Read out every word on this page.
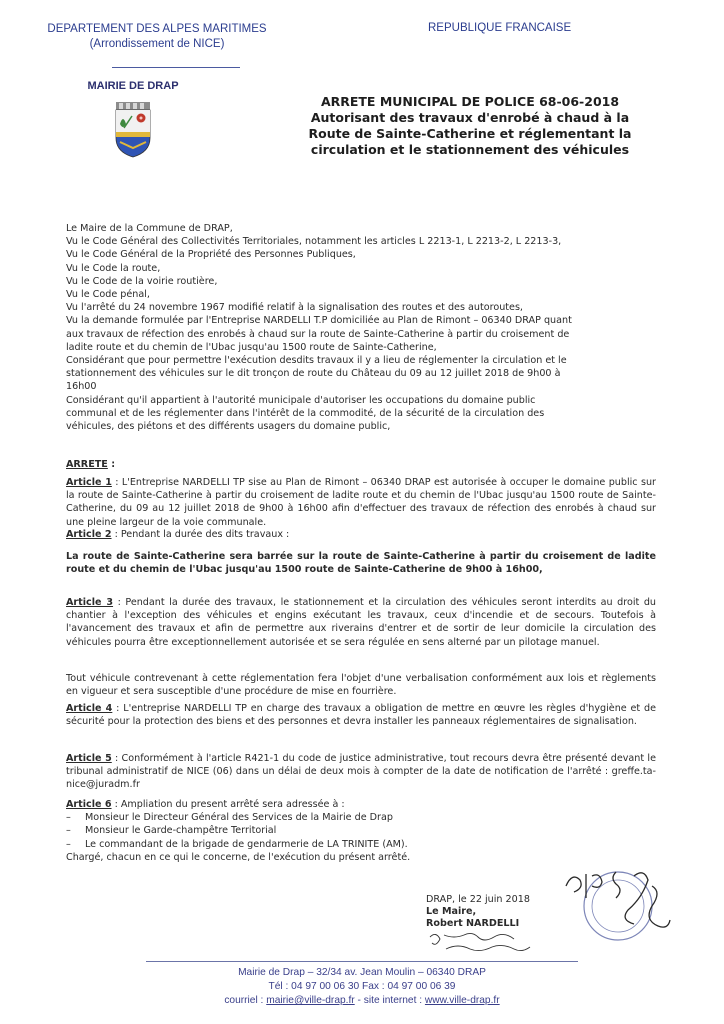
DEPARTEMENT DES ALPES MARITIMES
(Arrondissement de NICE)
REPUBLIQUE FRANCAISE
MAIRIE DE DRAP
ARRETE MUNICIPAL DE POLICE 68-06-2018
Autorisant des travaux d'enrobé à chaud à la
Route de Sainte-Catherine et réglementant la
circulation et le stationnement des véhicules

Le Maire de la Commune de DRAP,

Vu le Code Général des Collectivités Territoriales, notamment les articles L 2213-1, L 2213-2, L 2213-3,

Vu le Code Général de la Propriété des Personnes Publiques,

Vu le Code la route,

Vu le Code de la voirie routière,

Vu le Code pénal,

Vu l'arrêté du 24 novembre 1967 modifié relatif à la signalisation des routes et des autoroutes,

Vu la demande formulée par l'Entreprise NARDELLI T.P domiciliée au Plan de Rimont – 06340 DRAP quant

aux travaux de réfection des enrobés à chaud sur la route de Sainte-Catherine à partir du croisement de

ladite route et du chemin de l'Ubac jusqu'au 1500 route de Sainte-Catherine,

Considérant que pour permettre l'exécution desdits travaux il y a lieu de réglementer la circulation et le

stationnement des véhicules sur le dit tronçon de route du Château du 09 au 12 juillet 2018 de 9h00 à

16h00

Considérant qu'il appartient à l'autorité municipale d'autoriser les occupations du domaine public

communal et de les réglementer dans l'intérêt de la commodité, de la sécurité de la circulation des

véhicules, des piétons et des différents usagers du domaine public,

ARRETE :

Article 1 : L'Entreprise NARDELLI TP sise au Plan de Rimont – 06340 DRAP est autorisée à occuper le domaine public sur la route de Sainte-Catherine à partir du croisement de ladite route et du chemin de l'Ubac jusqu'au 1500 route de Sainte-Catherine, du 09 au 12 juillet 2018 de 9h00 à 16h00 afin d'effectuer des travaux de réfection des enrobés à chaud sur une pleine largeur de la voie communale.

Article 2 : Pendant la durée des dits travaux :

La route de Sainte-Catherine sera barrée sur la route de Sainte-Catherine à partir du croisement de ladite route et du chemin de l'Ubac jusqu'au 1500 route de Sainte-Catherine de 9h00 à 16h00,

Article 3 : Pendant la durée des travaux, le stationnement et la circulation des véhicules seront interdits au droit du chantier à l'exception des véhicules et engins exécutant les travaux, ceux d'incendie et de secours. Toutefois à l'avancement des travaux et afin de permettre aux riverains d'entrer et de sortir de leur domicile la circulation des véhicules pourra être exceptionnellement autorisée et se sera régulée en sens alterné par un pilotage manuel.

Tout véhicule contrevenant à cette réglementation fera l'objet d'une verbalisation conformément aux lois et règlements en vigueur et sera susceptible d'une procédure de mise en fourrière.

Article 4 : L'entreprise NARDELLI TP en charge des travaux a obligation de mettre en œuvre les règles d'hygiène et de sécurité pour la protection des biens et des personnes et devra installer les panneaux réglementaires de signalisation.

Article 5 : Conformément à l'article R421-1 du code de justice administrative, tout recours devra être présenté devant le tribunal administratif de NICE (06) dans un délai de deux mois à compter de la date de notification de l'arrêté : greffe.ta-nice@juradm.fr

Article 6 : Ampliation du present arrêté sera adressée à :

– Monsieur le Directeur Général des Services de la Mairie de Drap
– Monsieur le Garde-champêtre Territorial
– Le commandant de la brigade de gendarmerie de LA TRINITE (AM).

Chargé, chacun en ce qui le concerne, de l'exécution du présent arrêté.

DRAP, le 22 juin 2018
Le Maire,
Robert NARDELLI
Mairie de Drap – 32/34 av. Jean Moulin – 06340 DRAP
Tél : 04 97 00 06 30 Fax : 04 97 00 06 39
courriel : mairie@ville-drap.fr - site internet : www.ville-drap.fr
